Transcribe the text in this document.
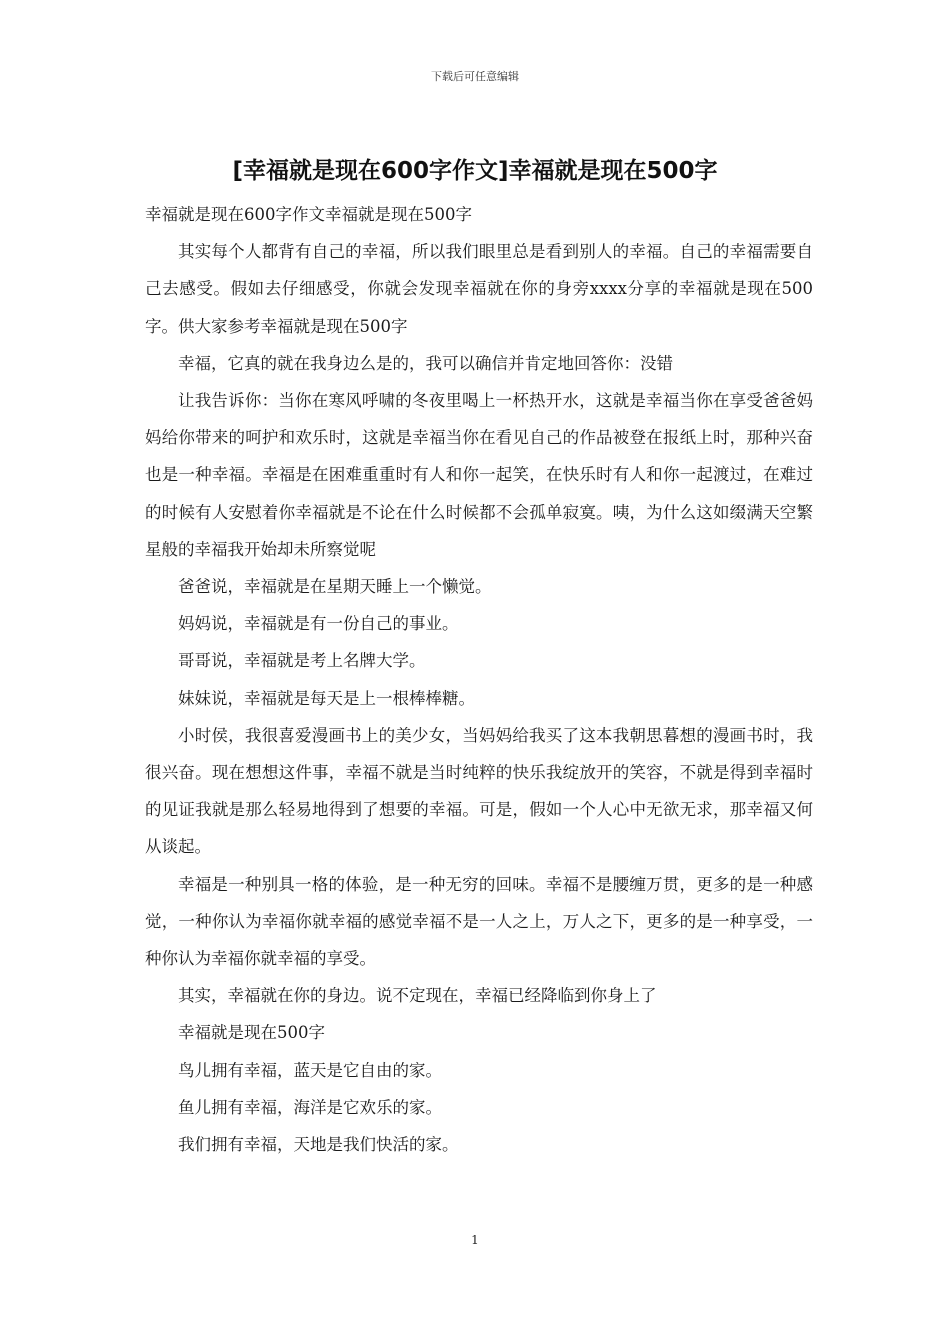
下载后可任意编辑
[幸福就是现在600字作文]幸福就是现在500字

幸福就是现在600字作文幸福就是现在500字

其实每个人都背有自己的幸福，所以我们眼里总是看到别人的幸福。自己的幸福需要自己去感受。假如去仔细感受，你就会发现幸福就在你的身旁xxxx分享的幸福就是现在500字。供大家参考幸福就是现在500字

幸福，它真的就在我身边么是的，我可以确信并肯定地回答你：没错

让我告诉你：当你在寒风呼啸的冬夜里喝上一杯热开水，这就是幸福当你在享受爸爸妈妈给你带来的呵护和欢乐时，这就是幸福当你在看见自己的作品被登在报纸上时，那种兴奋也是一种幸福。幸福是在困难重重时有人和你一起笑，在快乐时有人和你一起渡过，在难过的时候有人安慰着你幸福就是不论在什么时候都不会孤单寂寞。咦，为什么这如缀满天空繁星般的幸福我开始却未所察觉呢

爸爸说，幸福就是在星期天睡上一个懒觉。

妈妈说，幸福就是有一份自己的事业。

哥哥说，幸福就是考上名牌大学。

妹妹说，幸福就是每天是上一根棒棒糖。

小时侯，我很喜爱漫画书上的美少女，当妈妈给我买了这本我朝思暮想的漫画书时，我很兴奋。现在想想这件事，幸福不就是当时纯粹的快乐我绽放开的笑容，不就是得到幸福时的见证我就是那么轻易地得到了想要的幸福。可是，假如一个人心中无欲无求，那幸福又何从谈起。

幸福是一种别具一格的体验，是一种无穷的回味。幸福不是腰缠万贯，更多的是一种感觉，一种你认为幸福你就幸福的感觉幸福不是一人之上，万人之下，更多的是一种享受，一种你认为幸福你就幸福的享受。

其实，幸福就在你的身边。说不定现在，幸福已经降临到你身上了

幸福就是现在500字

鸟儿拥有幸福，蓝天是它自由的家。

鱼儿拥有幸福，海洋是它欢乐的家。

我们拥有幸福，天地是我们快活的家。

1
